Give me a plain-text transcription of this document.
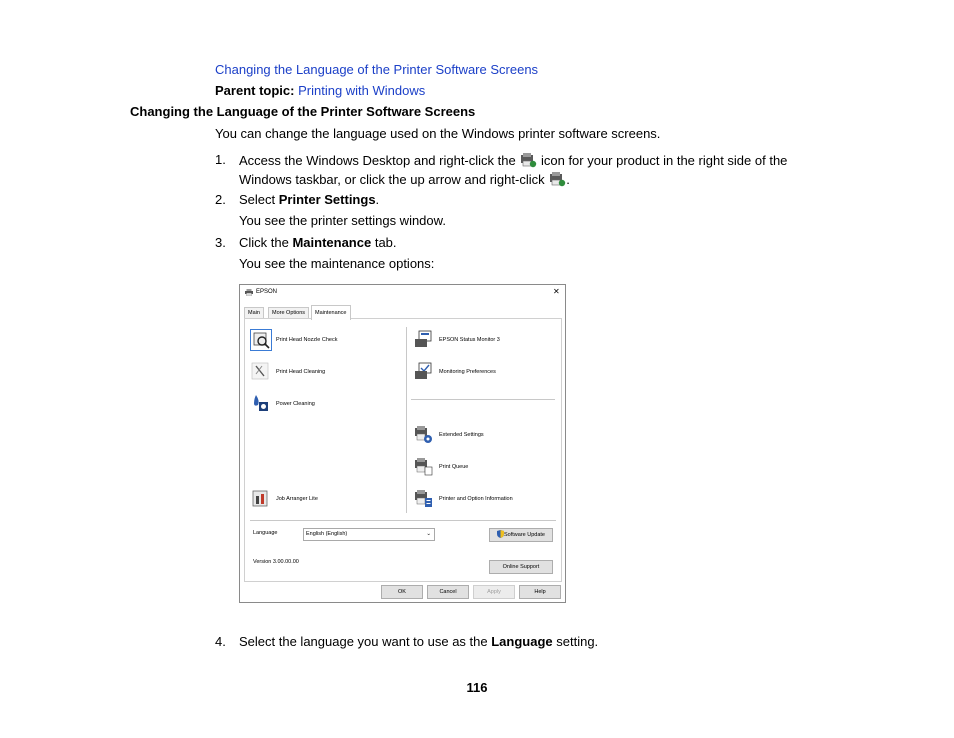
Changing the Language of the Printer Software Screens
Parent topic: Printing with Windows
Changing the Language of the Printer Software Screens
You can change the language used on the Windows printer software screens.
1. Access the Windows Desktop and right-click the icon for your product in the right side of the
Windows taskbar, or click the up arrow and right-click .
2. Select Printer Settings.
You see the printer settings window.
3. Click the Maintenance tab.
You see the maintenance options:
EPSON	✕
Main	More Options	Maintenance
Print Head Nozzle Check
Print Head Cleaning
Power Cleaning
Job Arranger Lite
EPSON Status Monitor 3
Monitoring Preferences
Extended Settings
Print Queue
Printer and Option Information
Language	English (English)	⌄	Software Update
Version 3.00.00.00
Online Support
OK	Cancel	Apply	Help
4. Select the language you want to use as the Language setting.
116
